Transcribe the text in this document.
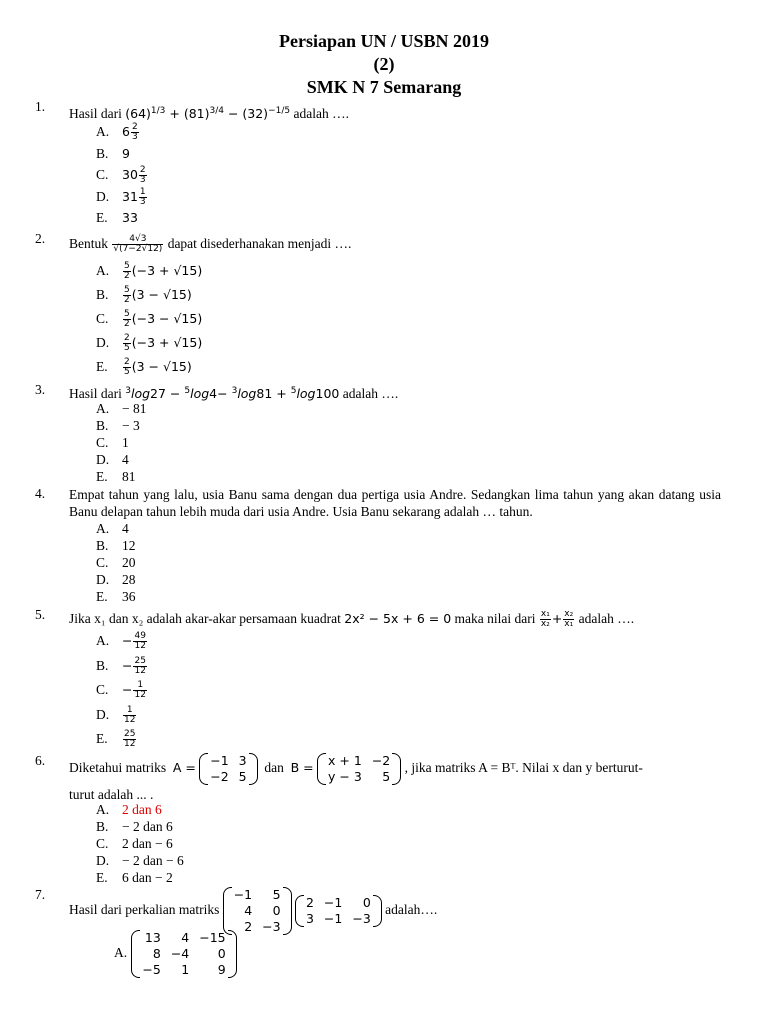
Persiapan UN / USBN 2019
(2)
SMK N 7 Semarang
1. Hasil dari $(64)^{1/3} + (81)^{3/4} - (32)^{-1/5}$ adalah ….
A. $6 \frac{2}{3}$
B. 9
C. $30 \frac{2}{3}$
D. $31 \frac{1}{3}$
E. 33
2. Bentuk $\frac{4√3}{√(7-2√12)}$ dapat disederhanakan menjadi ….
A. $\frac{5}{2} (-3 + √15)$
B. $\frac{5}{2} (3 - √15)$
C. $\frac{5}{2} (-3 - √15)$
D. $\frac{2}{5} (-3 + √15)$
E. $\frac{2}{5} (3 - √15)$
3. Hasil dari $^3$log27 − $^5$log4− $^3$log81 + $^5$log100 adalah ….
A. − 81
B. − 3
C. 1
D. 4
E. 81
4. Empat tahun yang lalu, usia Banu sama dengan dua pertiga usia Andre. Sedangkan lima tahun yang akan datang usia Banu delapan tahun lebih muda dari usia Andre. Usia Banu sekarang adalah … tahun.
A. 4
B. 12
C. 20
D. 28
E. 36
5. Jika x₁ dan x₂ adalah akar-akar persamaan kuadrat 2x² − 5x + 6 = 0 maka nilai dari $\frac{\text{x₁}}{\text{x₂}} + \frac{\text{x₂}}{\text{x₁}}$ adalah ….
A. − $\frac{49}{12}$
B. − $\frac{25}{12}$
C. − $\frac{1}{12}$
D. $\frac{1}{12}$
E. $\frac{25}{12}$
6. Diketahui matriks A = −1	3
−2	5
dan B = x + 1	−2
y − 3	5
, jika matriks A = Bᵀ. Nilai x dan y berturut-
turut adalah ... .
A. 2 dan 6
B. − 2 dan 6
C. 2 dan − 6
D. − 2 dan − 6
E. 6 dan − 2
7.
Hasil dari perkalian matriks
−1	5
4	0
2	−3

2	−1	0
3	−1	−3
adalah….
A.
13	4	−15
8	−4	0
−5	1	9
